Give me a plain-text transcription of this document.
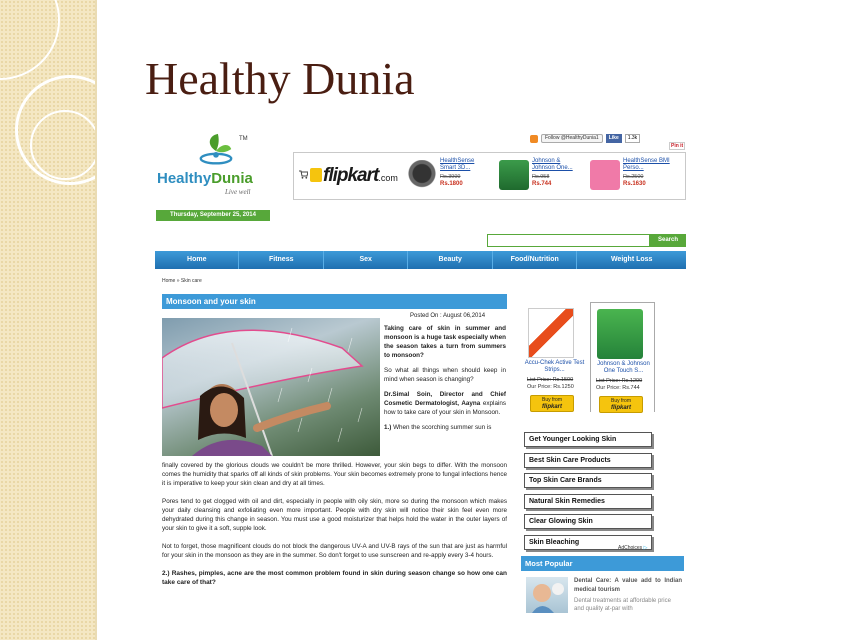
Healthy Dunia
TM
HealthyDunia
Live well
Thursday, September 25, 2014
Follow @HealthyDunia1	Like	1.3k
Pin it
flipkart.com
HealthSense Smart 3D...
Rs.3999
Rs.1800
Johnson & Johnson One...
Rs.958
Rs.744
HealthSense BMI Perso...
Rs.2500
Rs.1630
Search
Home	Fitness	Sex	Beauty	Food/Nutrition	Weight Loss
Home » Skin care
Monsoon and your skin
Posted On : August 06,2014

Taking care of skin in summer and monsoon is a huge task especially when the season takes a turn from summers to monsoon?

So what all things when should keep in mind when season is changing?

Dr.Simal Soin, Director and Chief Cosmetic Dermatologist, Aayna explains how to take care of your skin in Monsoon.

1.) When the scorching summer sun is

finally covered by the glorious clouds we couldn't be more thrilled. However, your skin begs to differ. With the monsoon comes the humidity that sparks off all kinds of skin problems. Your skin becomes extremely prone to fungal infections hence it is imperative to keep your skin clean and dry at all times.

Pores tend to get clogged with oil and dirt, especially in people with oily skin, more so during the monsoon which makes your daily cleansing and exfoliating even more important. People with dry skin will notice their skin feel even more dehydrated during this change in season. You must use a good moisturizer that helps hold the water in the outer layers of your skin to give it a soft, supple look.

Not to forget, those magnificent clouds do not block the dangerous UV-A and UV-B rays of the sun that are just as harmful for your skin in the monsoon as they are in the summer. So don't forget to use sunscreen and re-apply every 3-4 hours.

2.) Rashes, pimples, acne are the most common problem found in skin during season change so how one can take care of that?

Accu-Chek Active Test Strips...
List Price: Rs.1500
Our Price: Rs.1250
Buy from
flipkart
Johnson & Johnson One Touch S...
List Price: Rs.1200
Our Price: Rs.744
Buy from
flipkart
Get Younger Looking Skin
Best Skin Care Products
Top Skin Care Brands
Natural Skin Remedies
Clear Glowing Skin
Skin Bleaching
AdChoices ▷
Most Popular
Dental Care: A value add to Indian medical tourism
Dental treatments at affordable price and quality at-par with
